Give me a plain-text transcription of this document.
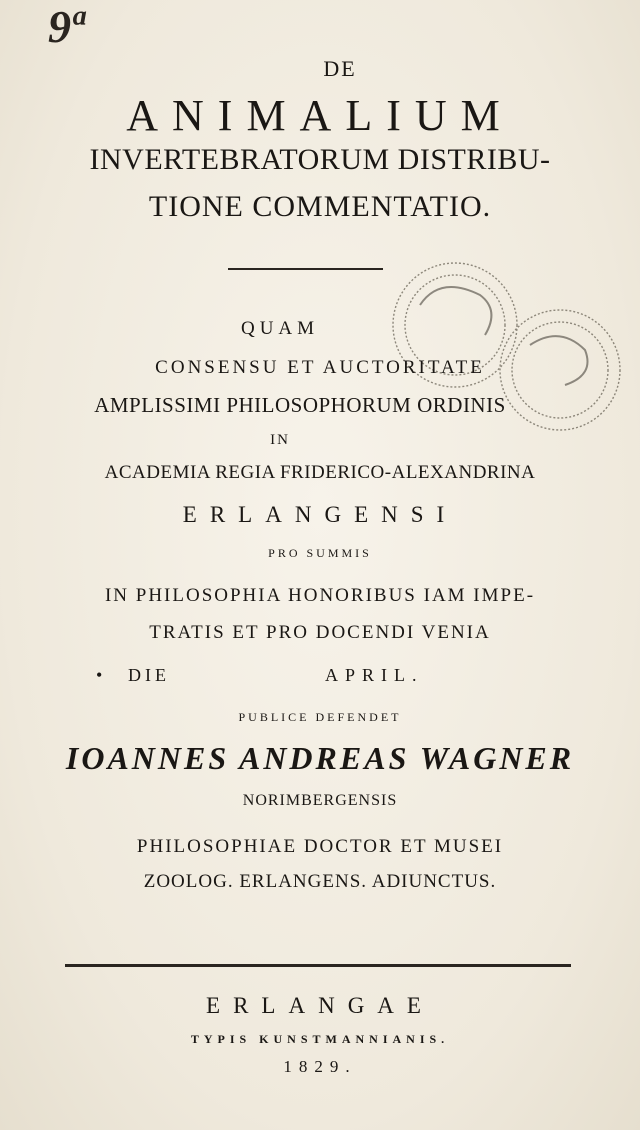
9ª
DE
ANIMALIUM
INVERTEBRATORUM DISTRIBU-
TIONE COMMENTATIO.
QUAM
CONSENSU ET AUCTORITATE
AMPLISSIMI PHILOSOPHORUM ORDINIS
IN
ACADEMIA REGIA FRIDERICO-ALEXANDRINA
ERLANGENSI
PRO SUMMIS
IN PHILOSOPHIA HONORIBUS IAM IMPE-
TRATIS ET PRO DOCENDI VENIA
• DIE	APRIL.
PUBLICE DEFENDET
IOANNES ANDREAS WAGNER
NORIMBERGENSIS
PHILOSOPHIAE DOCTOR ET MUSEI
ZOOLOG. ERLANGENS. ADIUNCTUS.
ERLANGAE
TYPIS KUNSTMANNIANIS.
1829.
